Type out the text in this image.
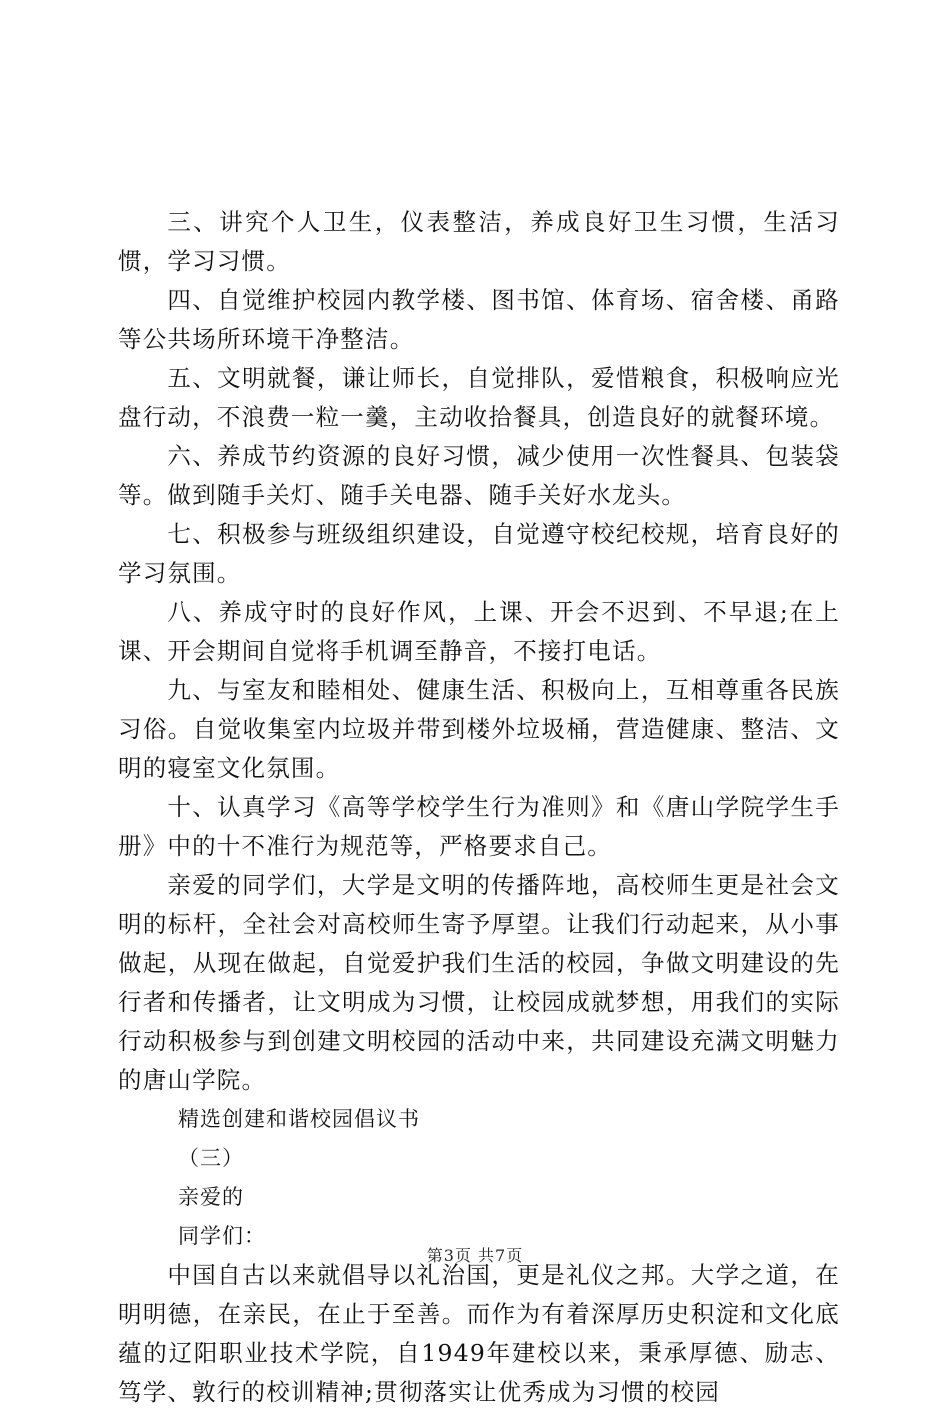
三、讲究个人卫生，仪表整洁，养成良好卫生习惯，生活习惯，学习习惯。

四、自觉维护校园内教学楼、图书馆、体育场、宿舍楼、甬路等公共场所环境干净整洁。

五、文明就餐，谦让师长，自觉排队，爱惜粮食，积极响应光盘行动，不浪费一粒一羹，主动收拾餐具，创造良好的就餐环境。

六、养成节约资源的良好习惯，减少使用一次性餐具、包装袋等。做到随手关灯、随手关电器、随手关好水龙头。

七、积极参与班级组织建设，自觉遵守校纪校规，培育良好的学习氛围。

八、养成守时的良好作风，上课、开会不迟到、不早退;在上课、开会期间自觉将手机调至静音，不接打电话。

九、与室友和睦相处、健康生活、积极向上，互相尊重各民族习俗。自觉收集室内垃圾并带到楼外垃圾桶，营造健康、整洁、文明的寝室文化氛围。

十、认真学习《高等学校学生行为准则》和《唐山学院学生手册》中的十不准行为规范等，严格要求自己。

亲爱的同学们，大学是文明的传播阵地，高校师生更是社会文明的标杆，全社会对高校师生寄予厚望。让我们行动起来，从小事做起，从现在做起，自觉爱护我们生活的校园，争做文明建设的先行者和传播者，让文明成为习惯，让校园成就梦想，用我们的实际行动积极参与到创建文明校园的活动中来，共同建设充满文明魅力的唐山学院。

精选创建和谐校园倡议书

（三）

亲爱的

同学们：

中国自古以来就倡导以礼治国，更是礼仪之邦。大学之道，在明明德，在亲民，在止于至善。而作为有着深厚历史积淀和文化底蕴的辽阳职业技术学院，自1949年建校以来，秉承厚德、励志、笃学、敦行的校训精神;贯彻落实让优秀成为习惯的校园

第3页 共7页
